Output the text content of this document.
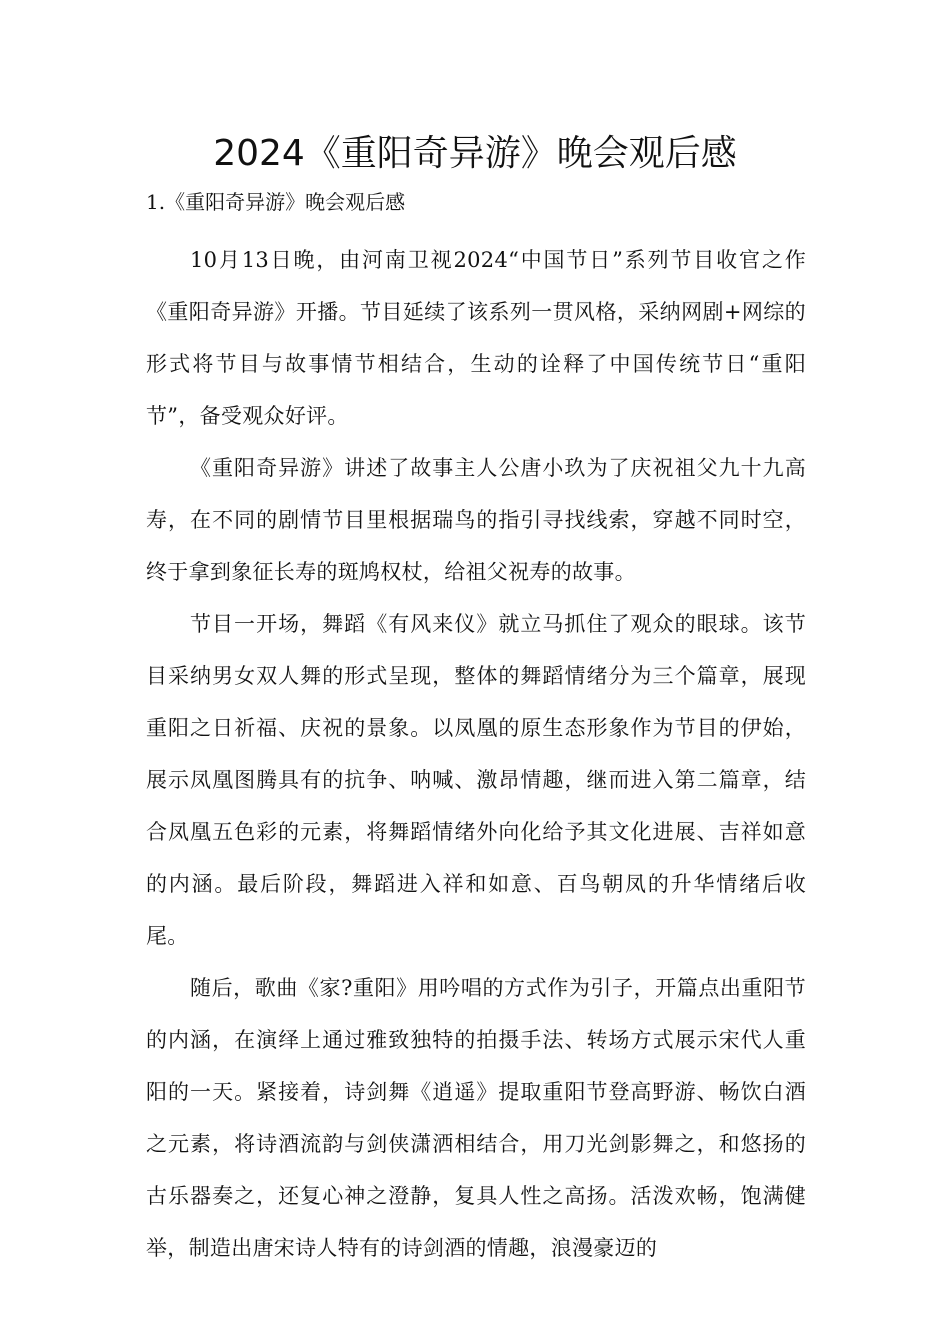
2024《重阳奇异游》晚会观后感

1.《重阳奇异游》晚会观后感

10月13日晚，由河南卫视2024“中国节日”系列节目收官之作《重阳奇异游》开播。节目延续了该系列一贯风格，采纳网剧+网综的形式将节目与故事情节相结合，生动的诠释了中国传统节日“重阳节”，备受观众好评。

《重阳奇异游》讲述了故事主人公唐小玖为了庆祝祖父九十九高寿，在不同的剧情节目里根据瑞鸟的指引寻找线索，穿越不同时空，终于拿到象征长寿的斑鸠权杖，给祖父祝寿的故事。

节目一开场，舞蹈《有风来仪》就立马抓住了观众的眼球。该节目采纳男女双人舞的形式呈现，整体的舞蹈情绪分为三个篇章，展现重阳之日祈福、庆祝的景象。以凤凰的原生态形象作为节目的伊始，展示凤凰图腾具有的抗争、呐喊、激昂情趣，继而进入第二篇章，结合凤凰五色彩的元素，将舞蹈情绪外向化给予其文化进展、吉祥如意的内涵。最后阶段，舞蹈进入祥和如意、百鸟朝凤的升华情绪后收尾。

随后，歌曲《家?重阳》用吟唱的方式作为引子，开篇点出重阳节的内涵，在演绎上通过雅致独特的拍摄手法、转场方式展示宋代人重阳的一天。紧接着，诗剑舞《逍遥》提取重阳节登高野游、畅饮白酒之元素，将诗酒流韵与剑侠潇洒相结合，用刀光剑影舞之，和悠扬的古乐器奏之，还复心神之澄静，复具人性之高扬。活泼欢畅，饱满健举，制造出唐宋诗人特有的诗剑酒的情趣，浪漫豪迈的
